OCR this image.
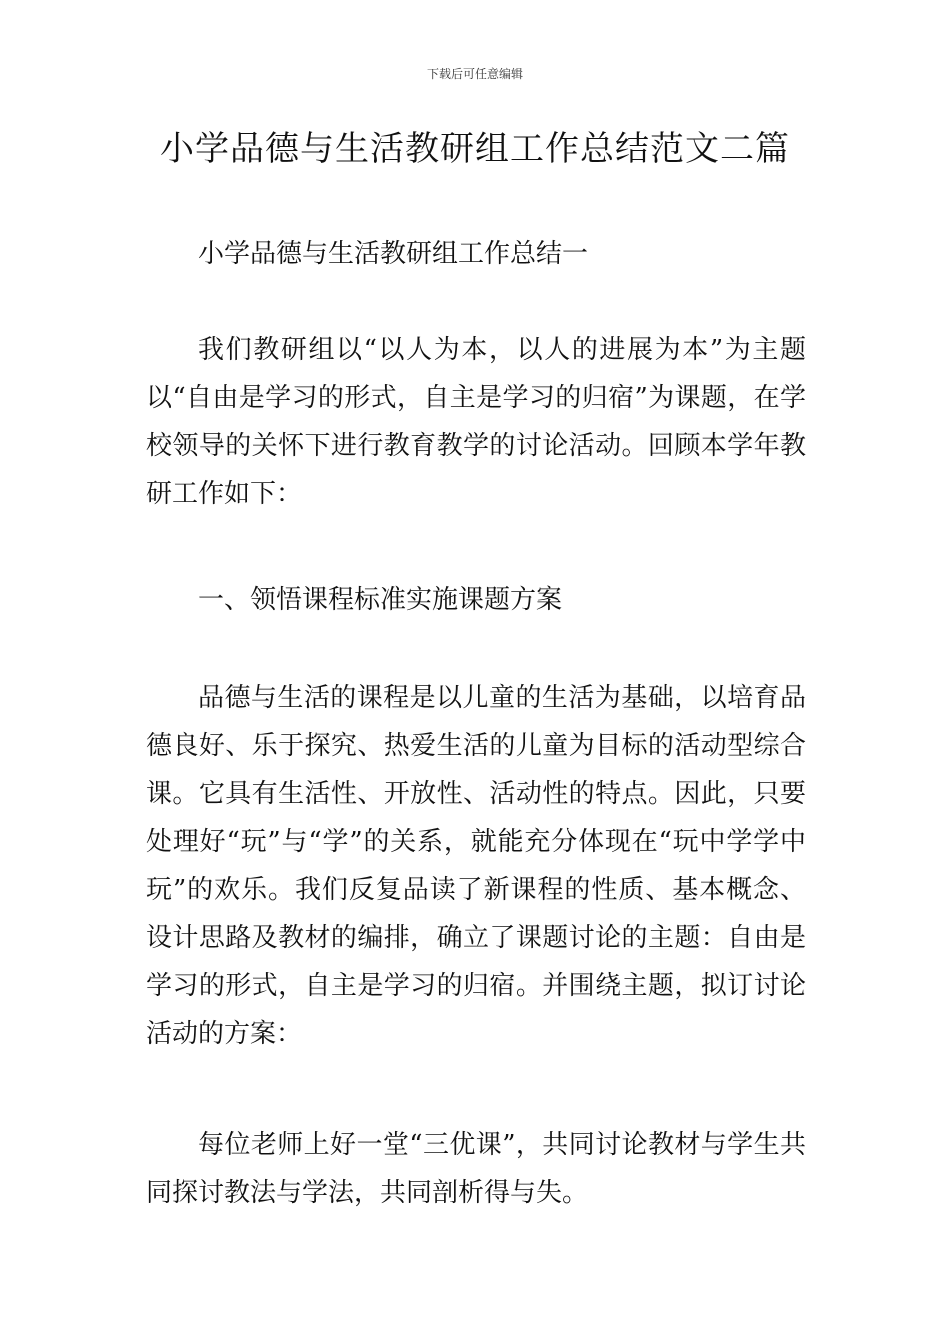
下载后可任意编辑
小学品德与生活教研组工作总结范文二篇

小学品德与生活教研组工作总结一

我们教研组以“以人为本，以人的进展为本”为主题以“自由是学习的形式，自主是学习的归宿”为课题，在学校领导的关怀下进行教育教学的讨论活动。回顾本学年教研工作如下：

一、领悟课程标准实施课题方案

品德与生活的课程是以儿童的生活为基础，以培育品德良好、乐于探究、热爱生活的儿童为目标的活动型综合课。它具有生活性、开放性、活动性的特点。因此，只要处理好“玩”与“学”的关系，就能充分体现在“玩中学学中玩”的欢乐。我们反复品读了新课程的性质、基本概念、设计思路及教材的编排，确立了课题讨论的主题：自由是学习的形式，自主是学习的归宿。并围绕主题，拟订讨论活动的方案：

每位老师上好一堂“三优课”，共同讨论教材与学生共同探讨教法与学法，共同剖析得与失。
